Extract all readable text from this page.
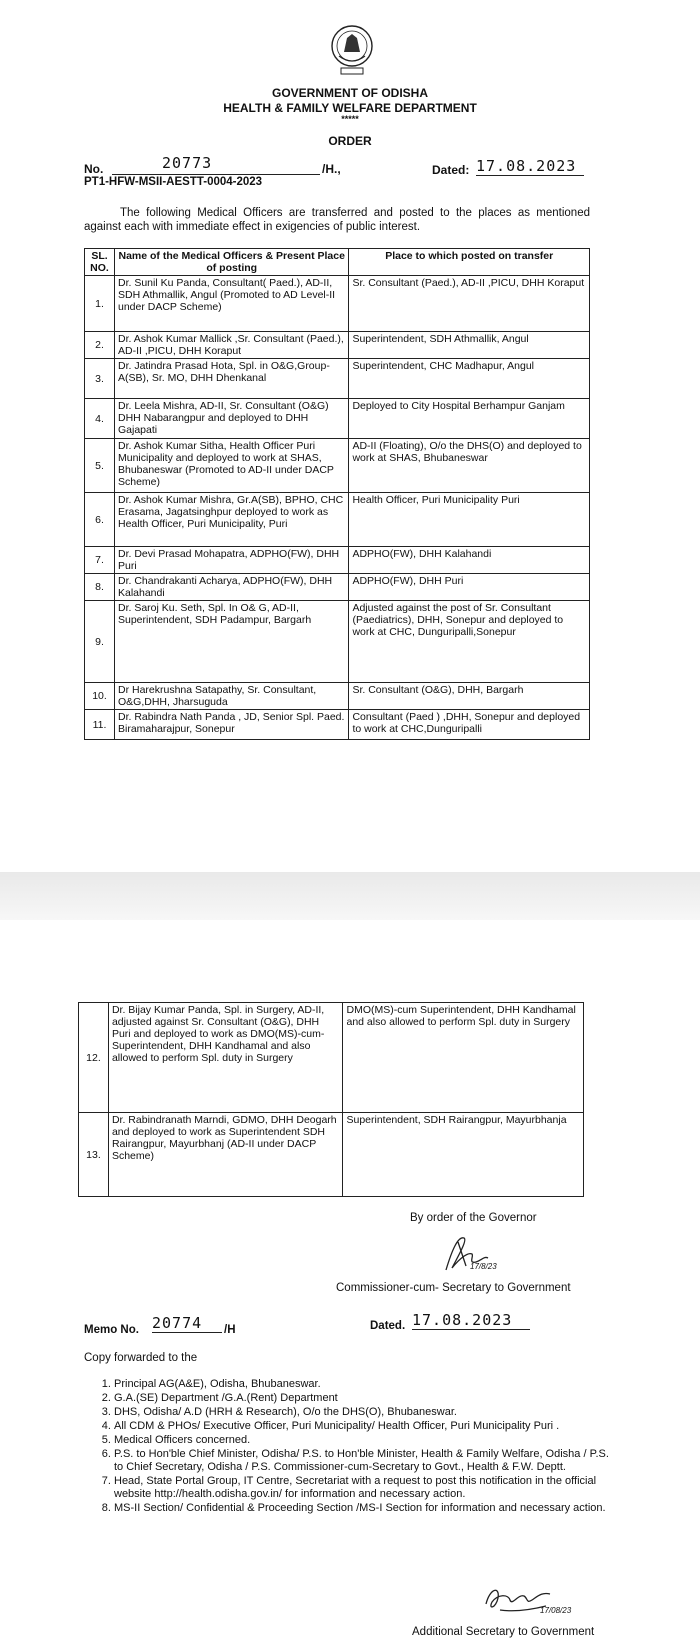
GOVERNMENT OF ODISHA
HEALTH & FAMILY WELFARE DEPARTMENT
*****
ORDER
No.	20773	/H.,
PT1-HFW-MSII-AESTT-0004-2023
Dated: 17.08.2023
The following Medical Officers are transferred and posted to the places as mentioned against each with immediate effect in exigencies of public interest.
SL. NO.	Name of the Medical Officers & Present Place of posting	Place to which posted on transfer
1.	Dr. Sunil Ku Panda, Consultant( Paed.), AD-II, SDH Athmallik, Angul (Promoted to AD Level-II under DACP Scheme)	Sr. Consultant (Paed.), AD-II ,PICU, DHH Koraput
2.	Dr. Ashok Kumar Mallick ,Sr. Consultant (Paed.), AD-II ,PICU, DHH Koraput	Superintendent, SDH Athmallik, Angul
3.	Dr. Jatindra Prasad Hota, Spl. in O&G,Group-A(SB), Sr. MO, DHH Dhenkanal	Superintendent, CHC Madhapur, Angul
4.	Dr. Leela Mishra, AD-II, Sr. Consultant (O&G) DHH Nabarangpur and deployed to DHH Gajapati	Deployed to City Hospital Berhampur Ganjam
5.	Dr. Ashok Kumar Sitha, Health Officer Puri Municipality and deployed to work at SHAS, Bhubaneswar (Promoted to AD-II under DACP Scheme)	AD-II (Floating), O/o the DHS(O) and deployed to work at SHAS, Bhubaneswar
6.	Dr. Ashok Kumar Mishra, Gr.A(SB), BPHO, CHC Erasama, Jagatsinghpur deployed to work as Health Officer, Puri Municipality, Puri	Health Officer, Puri Municipality Puri
7.	Dr. Devi Prasad Mohapatra, ADPHO(FW), DHH Puri	ADPHO(FW), DHH Kalahandi
8.	Dr. Chandrakanti Acharya, ADPHO(FW), DHH Kalahandi	ADPHO(FW), DHH Puri
9.	Dr. Saroj Ku. Seth, Spl. In O& G, AD-II, Superintendent, SDH Padampur, Bargarh	Adjusted against the post of Sr. Consultant (Paediatrics), DHH, Sonepur and deployed to work at CHC, Dunguripalli,Sonepur
10.	Dr Harekrushna Satapathy, Sr. Consultant, O&G,DHH, Jharsuguda	Sr. Consultant (O&G), DHH, Bargarh
11.	Dr. Rabindra Nath Panda , JD, Senior Spl. Paed. Biramaharajpur, Sonepur	Consultant (Paed ) ,DHH, Sonepur and deployed to work at CHC,Dunguripalli
12.	Dr. Bijay Kumar Panda, Spl. in Surgery, AD-II, adjusted against Sr. Consultant (O&G), DHH Puri and deployed to work as DMO(MS)-cum-Superintendent, DHH Kandhamal and also allowed to perform Spl. duty in Surgery	DMO(MS)-cum Superintendent, DHH Kandhamal and also allowed to perform Spl. duty in Surgery
13.	Dr. Rabindranath Marndi, GDMO, DHH Deogarh and deployed to work as Superintendent SDH Rairangpur, Mayurbhanj (AD-II under DACP Scheme)	Superintendent, SDH Rairangpur, Mayurbhanja
By order of the Governor
17/8/23
Commissioner-cum- Secretary to Government
Memo No. 20774	/H	Dated. 17.08.2023
Copy forwarded to the
1. Principal AG(A&E), Odisha, Bhubaneswar.
2. G.A.(SE) Department /G.A.(Rent) Department
3. DHS, Odisha/ A.D (HRH & Research), O/o the DHS(O), Bhubaneswar.
4. All CDM & PHOs/ Executive Officer, Puri Municipality/ Health Officer, Puri Municipality Puri .
5. Medical Officers concerned.
6. P.S. to Hon'ble Chief Minister, Odisha/ P.S. to Hon'ble Minister, Health & Family Welfare, Odisha / P.S. to Chief Secretary, Odisha / P.S. Commissioner-cum-Secretary to Govt., Health & F.W. Deptt.
7. Head, State Portal Group, IT Centre, Secretariat with a request to post this notification in the official website http://health.odisha.gov.in/ for information and necessary action.
8. MS-II Section/ Confidential & Proceeding Section /MS-I Section for information and necessary action.
17/08/23
Additional Secretary to Government
